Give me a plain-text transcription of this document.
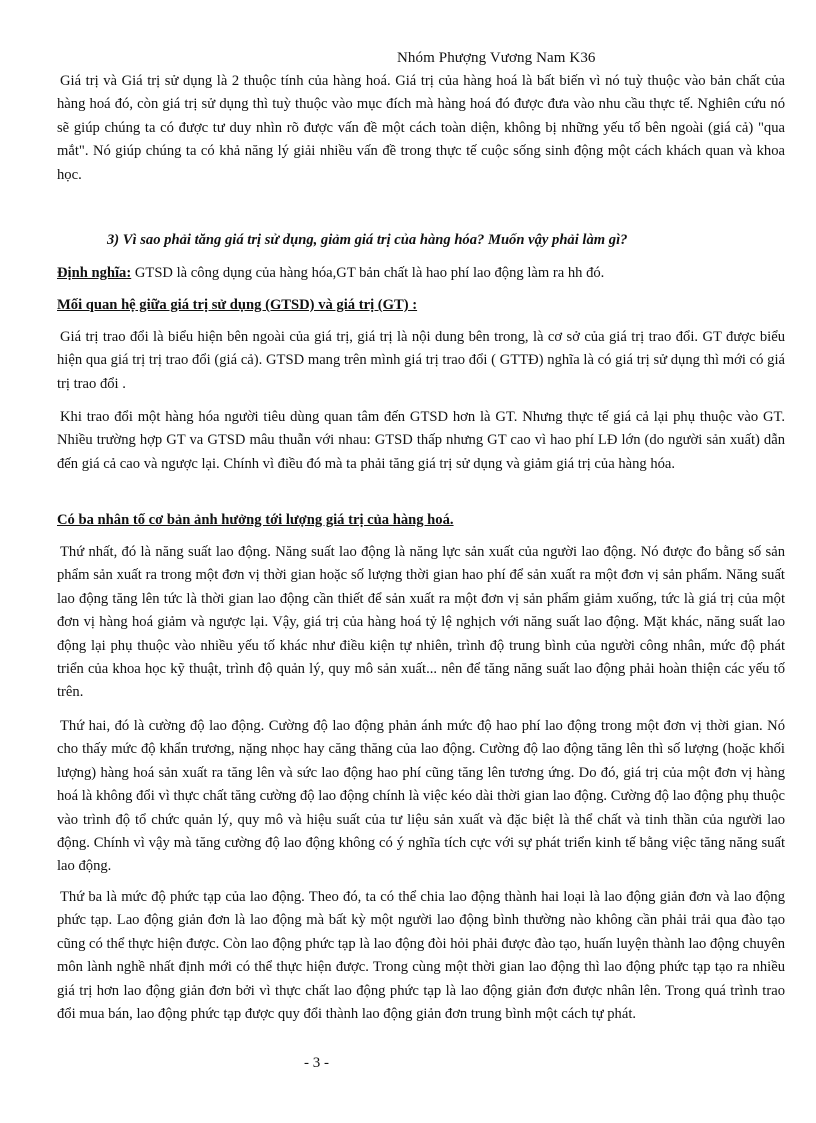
Nhóm Phượng Vương Nam K36

Giá trị và Giá trị sử dụng là 2 thuộc tính của hàng hoá. Giá trị của hàng hoá là bất biến vì nó tuỳ thuộc vào bản chất của hàng hoá đó, còn giá trị sử dụng thì tuỳ thuộc vào mục đích mà hàng hoá đó được đưa vào nhu cầu thực tế. Nghiên cứu nó sẽ giúp chúng ta có được tư duy nhìn rõ được vấn đề một cách toàn diện, không bị những yếu tố bên ngoài (giá cả) "qua mắt". Nó giúp chúng ta có khả năng lý giải nhiều vấn đề trong thực tế cuộc sống sinh động một cách khách quan và khoa học.

3) Vì sao phải tăng giá trị sử dụng, giảm giá trị của hàng hóa? Muốn vậy phải làm gì?
Định nghĩa: GTSD là công dụng của hàng hóa,GT bản chất là hao phí lao động làm ra hh đó.
Mối quan hệ giữa giá trị sử dụng (GTSD) và giá trị (GT) :

Giá trị trao đổi là biểu hiện bên ngoài của giá trị, giá trị là nội dung bên trong, là cơ sở của giá trị trao đổi. GT được biểu hiện qua giá trị trị trao đổi (giá cả). GTSD mang trên mình giá trị trao đổi ( GTTĐ) nghĩa là có giá trị sử dụng thì mới có giá trị trao đổi .

Khi trao đổi một hàng hóa người tiêu dùng quan tâm đến GTSD hơn là GT. Nhưng thực tế giá cả lại phụ thuộc vào GT. Nhiều trường hợp GT va GTSD mâu thuẫn với nhau: GTSD thấp nhưng GT cao vì hao phí LĐ lớn (do người sản xuất) dẫn đến giá cả cao và ngược lại. Chính vì điều đó mà ta phải tăng giá trị sử dụng và giảm giá trị của hàng hóa.

Có ba nhân tố cơ bản ảnh hưởng tới lượng giá trị của hàng hoá.

Thứ nhất, đó là năng suất lao động. Năng suất lao động là năng lực sản xuất của người lao động. Nó được đo bằng số sản phẩm sản xuất ra trong một đơn vị thời gian hoặc số lượng thời gian hao phí để sản xuất ra một đơn vị sản phẩm. Năng suất lao động tăng lên tức là thời gian lao động cần thiết để sản xuất ra một đơn vị sản phẩm giảm xuống, tức là giá trị của một đơn vị hàng hoá giảm và ngược lại. Vậy, giá trị của hàng hoá tỷ lệ nghịch với năng suất lao động. Mặt khác, năng suất lao động lại phụ thuộc vào nhiều yếu tố khác như điều kiện tự nhiên, trình độ trung bình của người công nhân, mức độ phát triển của khoa học kỹ thuật, trình độ quản lý, quy mô sản xuất... nên để tăng năng suất lao động phải hoàn thiện các yếu tố trên.

Thứ hai, đó là cường độ lao động. Cường độ lao động phản ánh mức độ hao phí lao động trong một đơn vị thời gian. Nó cho thấy mức độ khẩn trương, nặng nhọc hay căng thăng của lao động. Cường độ lao động tăng lên thì số lượng (hoặc khối lượng) hàng hoá sản xuất ra tăng lên và sức lao động hao phí cũng tăng lên tương ứng. Do đó, giá trị của một đơn vị hàng hoá là không đổi vì thực chất tăng cường độ lao động chính là việc kéo dài thời gian lao động. Cường độ lao động phụ thuộc vào trình độ tổ chức quản lý, quy mô và hiệu suất của tư liệu sản xuất và đặc biệt là thể chất và tinh thần của người lao động. Chính vì vậy mà tăng cường độ lao động không có ý nghĩa tích cực với sự phát triển kinh tế bằng việc tăng năng suất lao động.

Thứ ba là mức độ phức tạp của lao động. Theo đó, ta có thể chia lao động thành hai loại là lao động giản đơn và lao động phức tạp. Lao động giản đơn là lao động mà bất kỳ một người lao động bình thường nào không cần phải trải qua đào tạo cũng có thể thực hiện được. Còn lao động phức tạp là lao động đòi hỏi phải được đào tạo, huấn luyện thành lao động chuyên môn lành nghề nhất định mới có thể thực hiện được. Trong cùng một thời gian lao động thì lao động phức tạp tạo ra nhiều giá trị hơn lao động giản đơn bởi vì thực chất lao động phức tạp là lao động giản đơn được nhân lên. Trong quá trình trao đổi mua bán, lao động phức tạp được quy đổi thành lao động giản đơn trung bình một cách tự phát.

- 3 -
